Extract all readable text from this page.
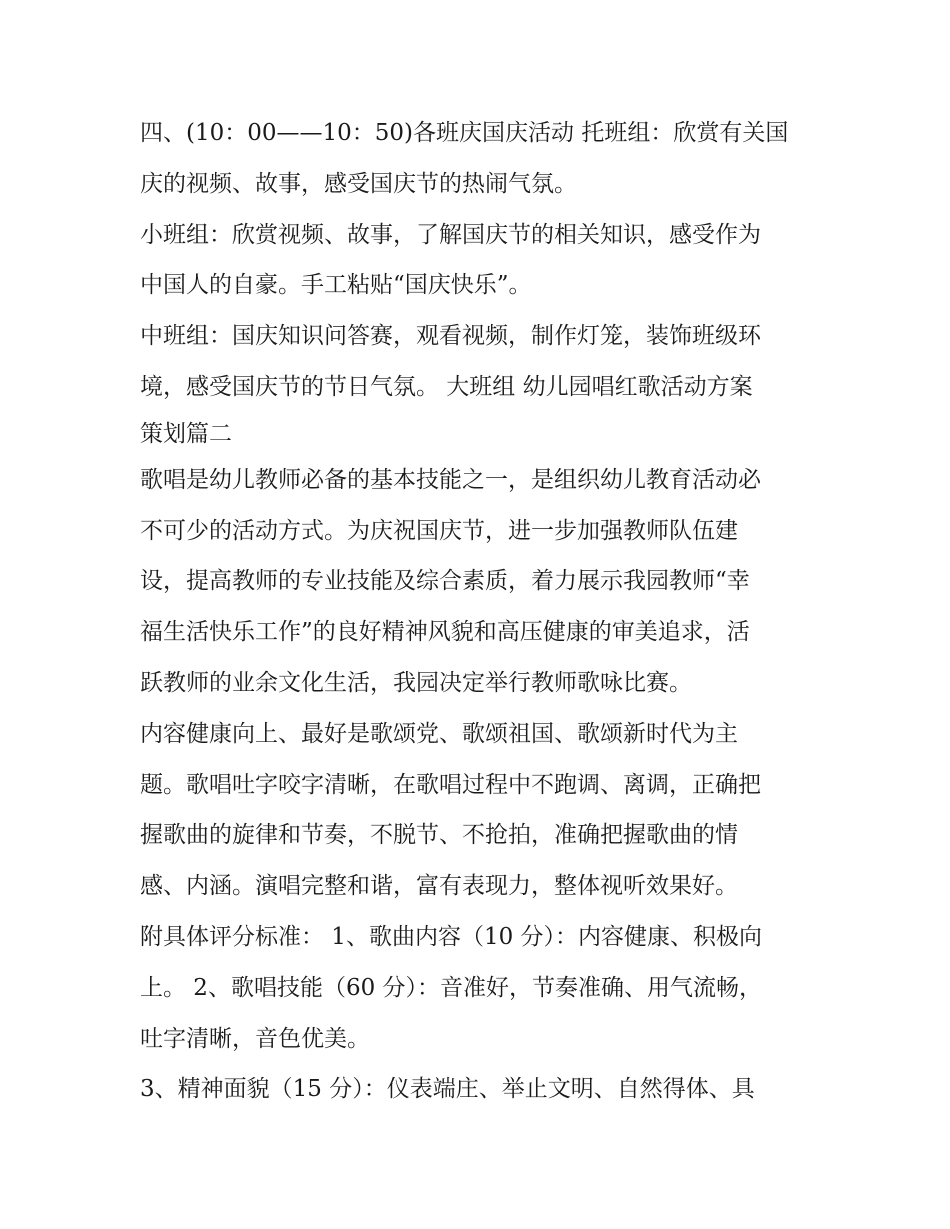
四、(10：00——10：50)各班庆国庆活动 托班组：欣赏有关国
庆的视频、故事，感受国庆节的热闹气氛。
小班组：欣赏视频、故事，了解国庆节的相关知识，感受作为
中国人的自豪。手工粘贴“国庆快乐”。
中班组：国庆知识问答赛，观看视频，制作灯笼，装饰班级环
境，感受国庆节的节日气氛。 大班组 幼儿园唱红歌活动方案
策划篇二
歌唱是幼儿教师必备的基本技能之一，是组织幼儿教育活动必
不可少的活动方式。为庆祝国庆节，进一步加强教师队伍建
设，提高教师的专业技能及综合素质，着力展示我园教师“幸
福生活快乐工作”的良好精神风貌和高压健康的审美追求，活
跃教师的业余文化生活，我园决定举行教师歌咏比赛。
内容健康向上、最好是歌颂党、歌颂祖国、歌颂新时代为主
题。歌唱吐字咬字清晰，在歌唱过程中不跑调、离调，正确把
握歌曲的旋律和节奏，不脱节、不抢拍，准确把握歌曲的情
感、内涵。演唱完整和谐，富有表现力，整体视听效果好。
附具体评分标准： 1、歌曲内容（10 分）：内容健康、积极向
上。 2、歌唱技能（60 分）：音准好，节奏准确、用气流畅，
吐字清晰，音色优美。
3、精神面貌（15 分）：仪表端庄、举止文明、自然得体、具
